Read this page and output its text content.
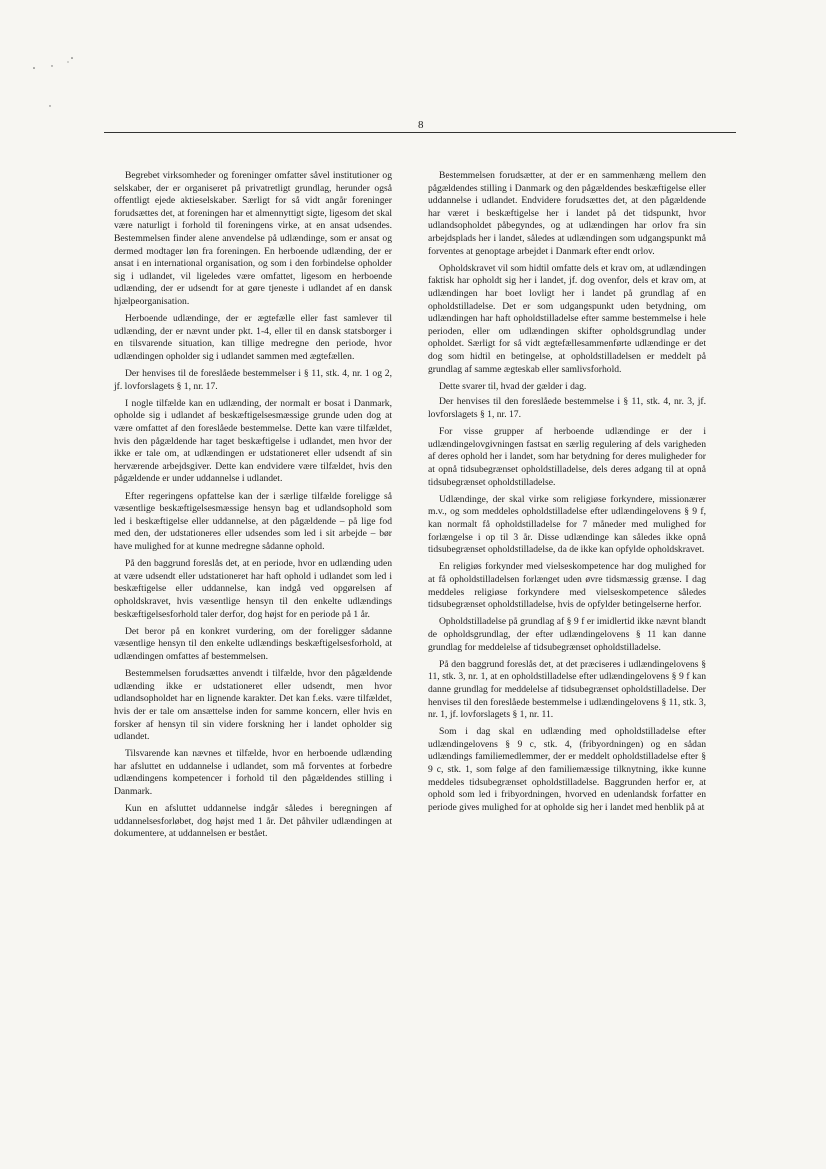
8

Begrebet virksomheder og foreninger omfatter såvel institutioner og selskaber, der er organiseret på privatretligt grundlag, herunder også offentligt ejede aktieselskaber. Særligt for så vidt angår foreninger forudsættes det, at foreningen har et almennyttigt sigte, ligesom det skal være naturligt i forhold til foreningens virke, at en ansat udsendes. Bestemmelsen finder alene anvendelse på udlændinge, som er ansat og dermed modtager løn fra foreningen. En herboende udlænding, der er ansat i en international organisation, og som i den forbindelse opholder sig i udlandet, vil ligeledes være omfattet, ligesom en herboende udlænding, der er udsendt for at gøre tjeneste i udlandet af en dansk hjælpeorganisation.

Herboende udlændinge, der er ægtefælle eller fast samlever til udlænding, der er nævnt under pkt. 1-4, eller til en dansk statsborger i en tilsvarende situation, kan tillige medregne den periode, hvor udlændingen opholder sig i udlandet sammen med ægtefællen.

Der henvises til de foreslåede bestemmelser i § 11, stk. 4, nr. 1 og 2, jf. lovforslagets § 1, nr. 17.

I nogle tilfælde kan en udlænding, der normalt er bosat i Danmark, opholde sig i udlandet af beskæftigelsesmæssige grunde uden dog at være omfattet af den foreslåede bestemmelse. Dette kan være tilfældet, hvis den pågældende har taget beskæftigelse i udlandet, men hvor der ikke er tale om, at udlændingen er udstationeret eller udsendt af sin herværende arbejdsgiver. Dette kan endvidere være tilfældet, hvis den pågældende er under uddannelse i udlandet.

Efter regeringens opfattelse kan der i særlige tilfælde foreligge så væsentlige beskæftigelsesmæssige hensyn bag et udlandsophold som led i beskæftigelse eller uddannelse, at den pågældende – på lige fod med den, der udstationeres eller udsendes som led i sit arbejde – bør have mulighed for at kunne medregne sådanne ophold.

På den baggrund foreslås det, at en periode, hvor en udlænding uden at være udsendt eller udstationeret har haft ophold i udlandet som led i beskæftigelse eller uddannelse, kan indgå ved opgørelsen af opholdskravet, hvis væsentlige hensyn til den enkelte udlændings beskæftigelsesforhold taler derfor, dog højst for en periode på 1 år.

Det beror på en konkret vurdering, om der foreligger sådanne væsentlige hensyn til den enkelte udlændings beskæftigelsesforhold, at udlændingen omfattes af bestemmelsen.

Bestemmelsen forudsættes anvendt i tilfælde, hvor den pågældende udlænding ikke er udstationeret eller udsendt, men hvor udlandsopholdet har en lignende karakter. Det kan f.eks. være tilfældet, hvis der er tale om ansættelse inden for samme koncern, eller hvis en forsker af hensyn til sin videre forskning her i landet opholder sig udlandet.

Tilsvarende kan nævnes et tilfælde, hvor en herboende udlænding har afsluttet en uddannelse i udlandet, som må forventes at forbedre udlændingens kompetencer i forhold til den pågældendes stilling i Danmark.

Kun en afsluttet uddannelse indgår således i beregningen af uddannelsesforløbet, dog højst med 1 år. Det påhviler udlændingen at dokumentere, at uddannelsen er bestået.

Bestemmelsen forudsætter, at der er en sammenhæng mellem den pågældendes stilling i Danmark og den pågældendes beskæftigelse eller uddannelse i udlandet. Endvidere forudsættes det, at den pågældende har været i beskæftigelse her i landet på det tidspunkt, hvor udlandsopholdet påbegyndes, og at udlændingen har orlov fra sin arbejdsplads her i landet, således at udlændingen som udgangspunkt må forventes at genoptage arbejdet i Danmark efter endt orlov.

Opholdskravet vil som hidtil omfatte dels et krav om, at udlændingen faktisk har opholdt sig her i landet, jf. dog ovenfor, dels et krav om, at udlændingen har boet lovligt her i landet på grundlag af en opholdstilladelse. Det er som udgangspunkt uden betydning, om udlændingen har haft opholdstilladelse efter samme bestemmelse i hele perioden, eller om udlændingen skifter opholdsgrundlag under opholdet. Særligt for så vidt ægtefællesammenførte udlændinge er det dog som hidtil en betingelse, at opholdstilladelsen er meddelt på grundlag af samme ægteskab eller samlivsforhold.

Dette svarer til, hvad der gælder i dag.

Der henvises til den foreslåede bestemmelse i § 11, stk. 4, nr. 3, jf. lovforslagets § 1, nr. 17.

For visse grupper af herboende udlændinge er der i udlændingelovgivningen fastsat en særlig regulering af dels varigheden af deres ophold her i landet, som har betydning for deres muligheder for at opnå tidsubegrænset opholdstilladelse, dels deres adgang til at opnå tidsubegrænset opholdstilladelse.

Udlændinge, der skal virke som religiøse forkyndere, missionærer m.v., og som meddeles opholdstilladelse efter udlændingelovens § 9 f, kan normalt få opholdstilladelse for 7 måneder med mulighed for forlængelse i op til 3 år. Disse udlændinge kan således ikke opnå tidsubegrænset opholdstilladelse, da de ikke kan opfylde opholdskravet.

En religiøs forkynder med vielseskompetence har dog mulighed for at få opholdstilladelsen forlænget uden øvre tidsmæssig grænse. I dag meddeles religiøse forkyndere med vielseskompetence således tidsubegrænset opholdstilladelse, hvis de opfylder betingelserne herfor.

Opholdstilladelse på grundlag af § 9 f er imidlertid ikke nævnt blandt de opholdsgrundlag, der efter udlændingelovens § 11 kan danne grundlag for meddelelse af tidsubegrænset opholdstilladelse.

På den baggrund foreslås det, at det præciseres i udlændingelovens § 11, stk. 3, nr. 1, at en opholdstilladelse efter udlændingelovens § 9 f kan danne grundlag for meddelelse af tidsubegrænset opholdstilladelse. Der henvises til den foreslåede bestemmelse i udlændingelovens § 11, stk. 3, nr. 1, jf. lovforslagets § 1, nr. 11.

Som i dag skal en udlænding med opholdstilladelse efter udlændingelovens § 9 c, stk. 4, (fribyordningen) og en sådan udlændings familiemedlemmer, der er meddelt opholdstilladelse efter § 9 c, stk. 1, som følge af den familiemæssige tilknytning, ikke kunne meddeles tidsubegrænset opholdstilladelse. Baggrunden herfor er, at ophold som led i fribyordningen, hvorved en udenlandsk forfatter en periode gives mulighed for at opholde sig her i landet med henblik på at
